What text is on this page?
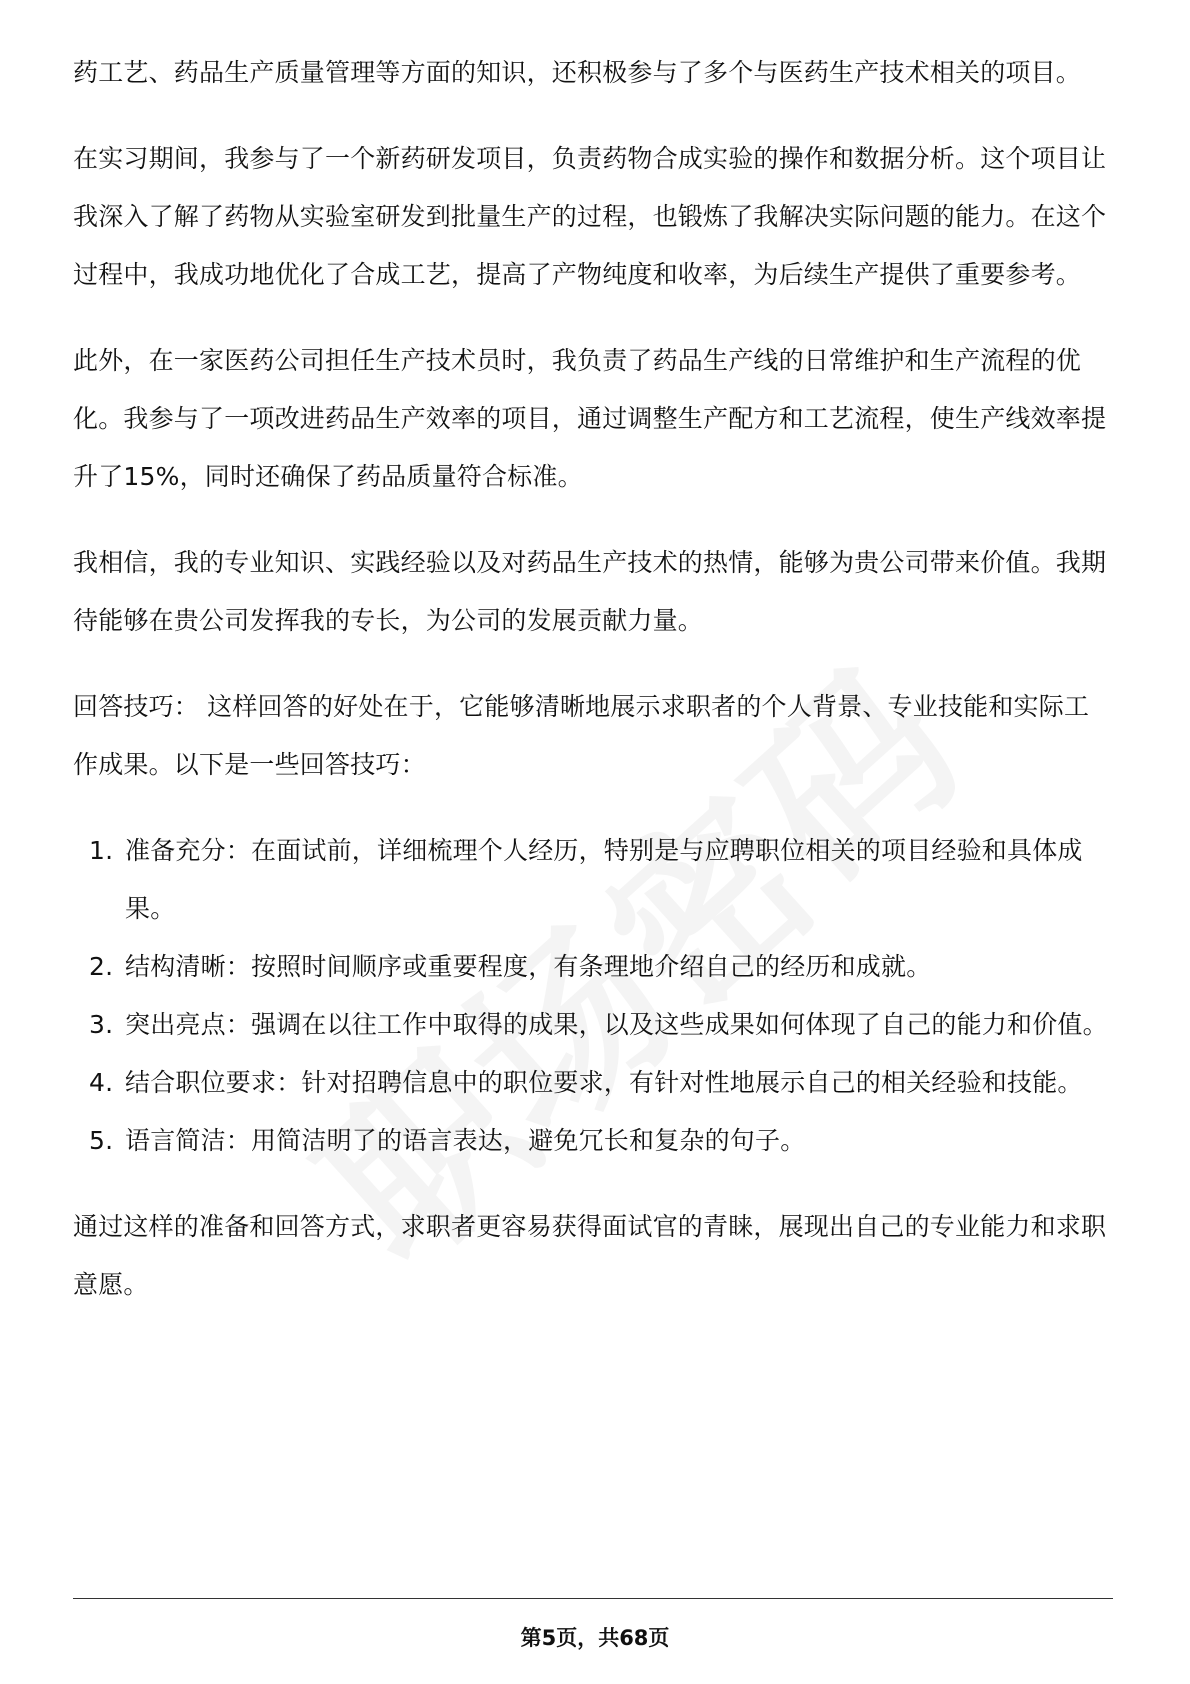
药工艺、药品生产质量管理等方面的知识，还积极参与了多个与医药生产技术相关的项目。

在实习期间，我参与了一个新药研发项目，负责药物合成实验的操作和数据分析。这个项目让我深入了解了药物从实验室研发到批量生产的过程，也锻炼了我解决实际问题的能力。在这个过程中，我成功地优化了合成工艺，提高了产物纯度和收率，为后续生产提供了重要参考。

此外，在一家医药公司担任生产技术员时，我负责了药品生产线的日常维护和生产流程的优化。我参与了一项改进药品生产效率的项目，通过调整生产配方和工艺流程，使生产线效率提升了15%，同时还确保了药品质量符合标准。

我相信，我的专业知识、实践经验以及对药品生产技术的热情，能够为贵公司带来价值。我期待能够在贵公司发挥我的专长，为公司的发展贡献力量。

回答技巧： 这样回答的好处在于，它能够清晰地展示求职者的个人背景、专业技能和实际工作成果。以下是一些回答技巧：

1. 准备充分：在面试前，详细梳理个人经历，特别是与应聘职位相关的项目经验和具体成果。
2. 结构清晰：按照时间顺序或重要程度，有条理地介绍自己的经历和成就。
3. 突出亮点：强调在以往工作中取得的成果，以及这些成果如何体现了自己的能力和价值。
4. 结合职位要求：针对招聘信息中的职位要求，有针对性地展示自己的相关经验和技能。
5. 语言简洁：用简洁明了的语言表达，避免冗长和复杂的句子。

通过这样的准备和回答方式，求职者更容易获得面试官的青睐，展现出自己的专业能力和求职意愿。

第5页，共68页
